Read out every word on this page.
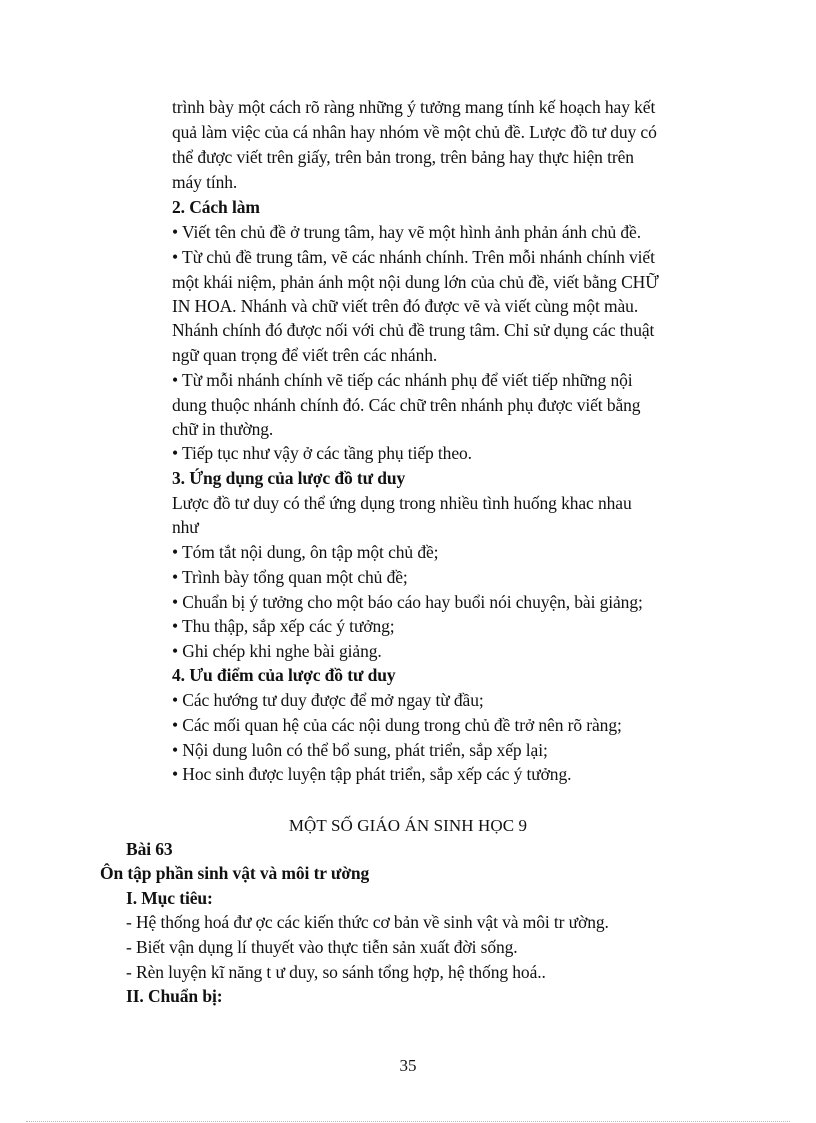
trình bày một cách rõ ràng những ý tưởng mang tính kế hoạch hay kết
quả làm việc của cá nhân hay nhóm về một chủ đề. Lược đồ tư duy có
thể được viết trên giấy, trên bản trong, trên bảng hay thực hiện trên
máy tính.
2. Cách làm
• Viết tên chủ đề ở trung tâm, hay vẽ một hình ảnh phản ánh chủ đề.
• Từ chủ đề trung tâm, vẽ các nhánh chính. Trên mỗi nhánh chính viết
một khái niệm, phản ánh một nội dung lớn của chủ đề, viết bằng CHỮ
IN HOA. Nhánh và chữ viết trên đó được vẽ và viết cùng một màu.
Nhánh chính đó được nối với chủ đề trung tâm. Chỉ sử dụng các thuật
ngữ quan trọng để viết trên các nhánh.
• Từ mỗi nhánh chính vẽ tiếp các nhánh phụ để viết tiếp những nội
dung thuộc nhánh chính đó. Các chữ trên nhánh phụ được viết bằng
chữ in thường.
• Tiếp tục như vậy ở các tầng phụ tiếp theo.
3. Ứng dụng của lược đồ tư duy
Lược đồ tư duy có thể ứng dụng trong nhiều tình huống khac nhau
như
• Tóm tắt nội dung, ôn tập một chủ đề;
• Trình bày tổng quan một chủ đề;
• Chuẩn bị ý tưởng cho một báo cáo hay buổi nói chuyện, bài giảng;
• Thu thập, sắp xếp các ý tưởng;
• Ghi chép khi nghe bài giảng.
4. Ưu điểm của lược đồ tư duy
• Các hướng tư duy được để mở ngay từ đầu;
• Các mối quan hệ của các nội dung trong chủ đề trở nên rõ ràng;
• Nội dung luôn có thể bổ sung, phát triển, sắp xếp lại;
• Hoc sinh được luyện tập phát triển, sắp xếp các ý tưởng.
MỘT SỐ GIÁO ÁN SINH HỌC 9
Bài 63
Ôn tập phần sinh vật và môi tr ường
I. Mục tiêu:
- Hệ thống hoá đư ợc các kiến thức cơ bản về sinh vật và môi tr ường.
- Biết vận dụng lí thuyết vào thực tiễn sản xuất đời sống.
- Rèn luyện kĩ năng t ư duy, so sánh tổng hợp, hệ thống hoá..
II. Chuẩn bị:
35
